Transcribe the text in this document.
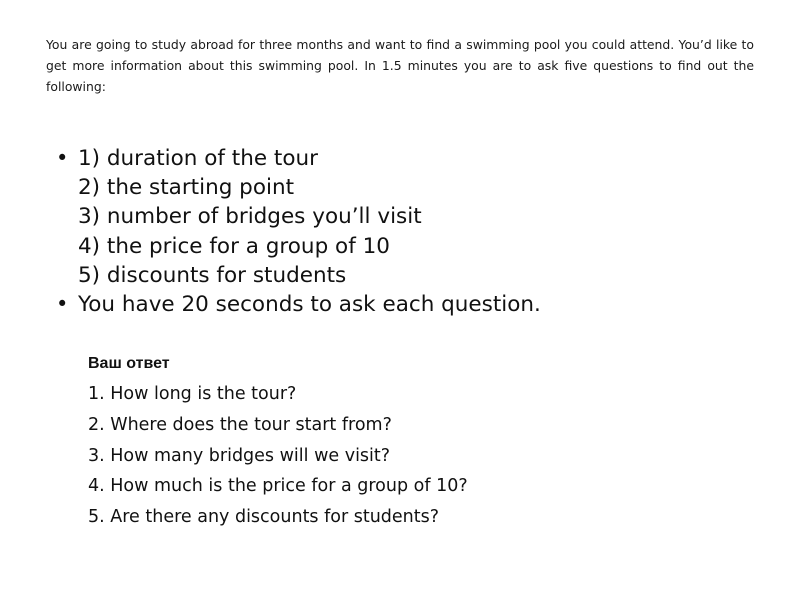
You are going to study abroad for three months and want to find a swimming pool you could attend. You’d like to get more information about this swimming pool. In 1.5 minutes you are to ask five questions to find out the following:

• 1) duration of the tour
2) the starting point
3) number of bridges you’ll visit
4) the price for a group of 10
5) discounts for students
• You have 20 seconds to ask each question.
Ваш ответ
1. How long is the tour?
2. Where does the tour start from?
3. How many bridges will we visit?
4. How much is the price for a group of 10?
5. Are there any discounts for students?
